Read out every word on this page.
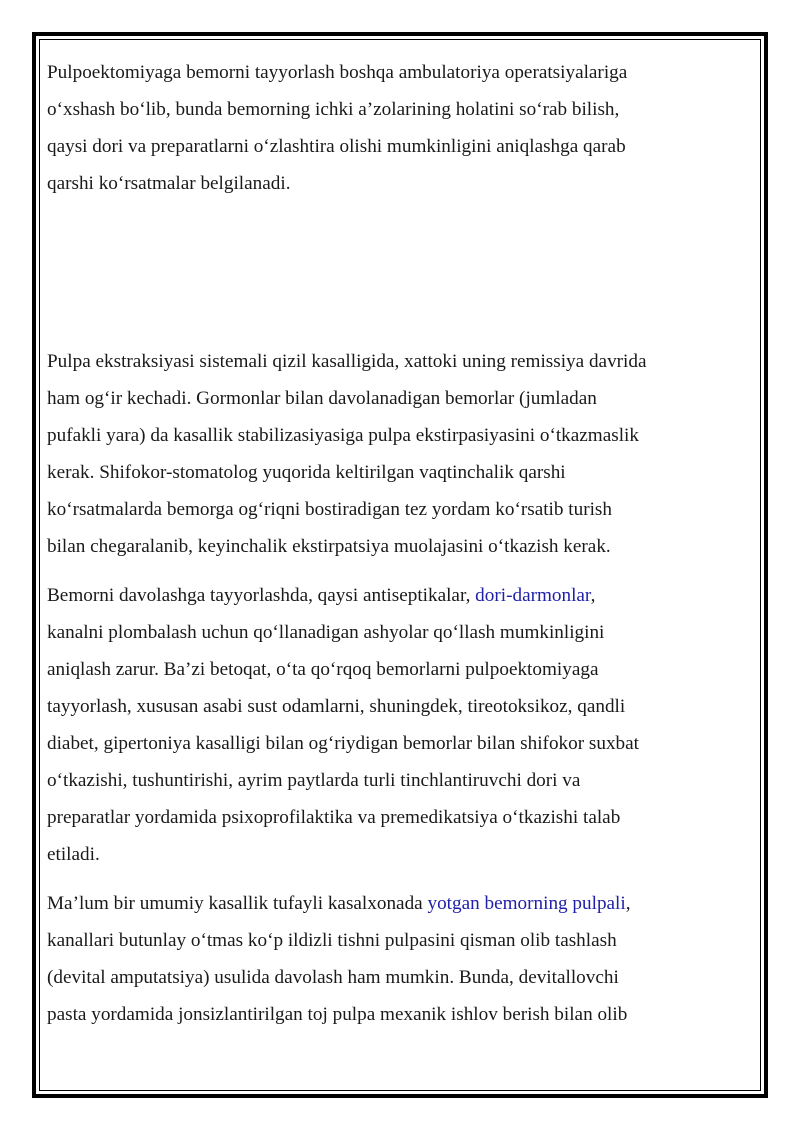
Pulpoektomiyaga bemorni tayyorlash boshqa ambulatoriya operatsiyalariga

o‘xshash bo‘lib, bunda bemorning ichki a’zolarining holatini so‘rab bilish,

qaysi dori va preparatlarni o‘zlashtira olishi mumkinligini aniqlashga qarab

qarshi ko‘rsatmalar belgilanadi.

Pulpa ekstraksiyasi sistemali qizil kasalligida, xattoki uning remissiya davrida

ham og‘ir kechadi. Gormonlar bilan davolanadigan bemorlar (jumladan

pufakli yara) da kasallik stabilizasiyasiga pulpa ekstirpasiyasini o‘tkazmaslik

kerak. Shifokor-stomatolog yuqorida keltirilgan vaqtinchalik qarshi

ko‘rsatmalarda bemorga og‘riqni bostiradigan tez yordam ko‘rsatib turish

bilan chegaralanib, keyinchalik ekstirpatsiya muolajasini o‘tkazish kerak.

Bemorni davolashga tayyorlashda, qaysi antiseptikalar, dori-darmonlar,

kanalni plombalash uchun qo‘llanadigan ashyolar qo‘llash mumkinligini

aniqlash zarur. Ba’zi betoqat, o‘ta qo‘rqoq bemorlarni pulpoektomiyaga

tayyorlash, xususan asabi sust odamlarni, shuningdek, tireotoksikoz, qandli

diabet, gipertoniya kasalligi bilan og‘riydigan bemorlar bilan shifokor suxbat

o‘tkazishi, tushuntirishi, ayrim paytlarda turli tinchlantiruvchi dori va

preparatlar yordamida psixoprofilaktika va premedikatsiya o‘tkazishi talab

etiladi.

Ma’lum bir umumiy kasallik tufayli kasalxonada yotgan bemorning pulpali,

kanallari butunlay o‘tmas ko‘p ildizli tishni pulpasini qisman olib tashlash

(devital amputatsiya) usulida davolash ham mumkin. Bunda, devitallovchi

pasta yordamida jonsizlantirilgan toj pulpa mexanik ishlov berish bilan olib
